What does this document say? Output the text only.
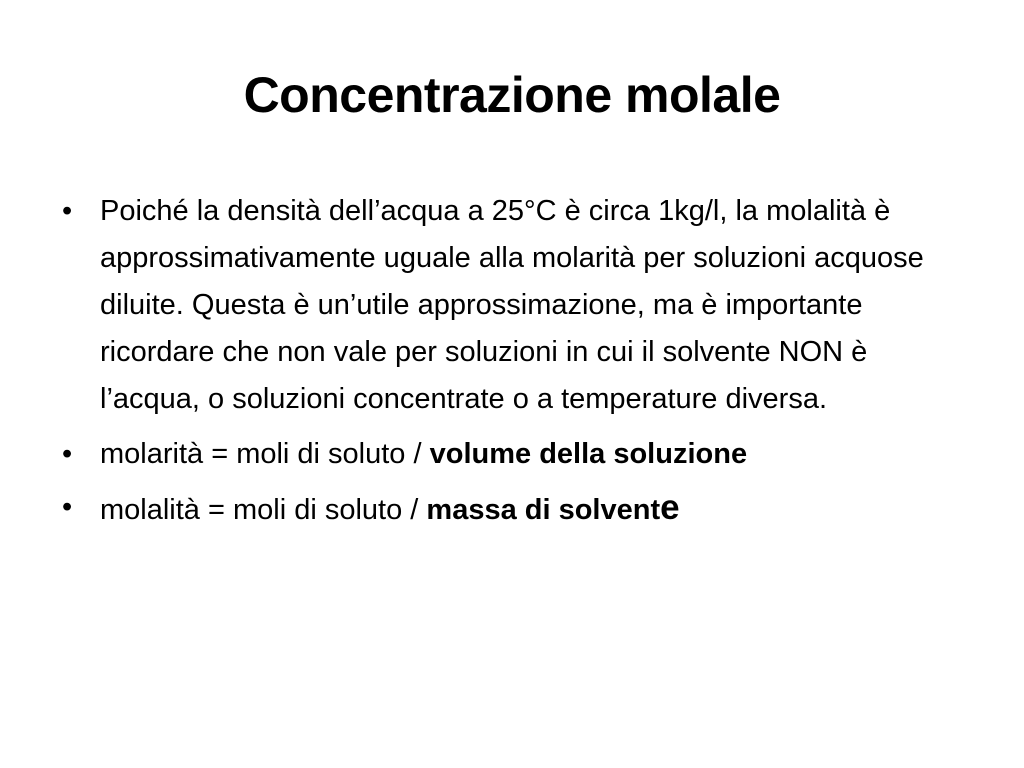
Concentrazione molale
• Poiché la densità dell’acqua a 25°C è circa 1kg/l, la molalità è approssimativamente uguale alla molarità per soluzioni acquose diluite. Questa è un’utile approssimazione, ma è importante ricordare che non vale per soluzioni in cui il solvente NON è l’acqua, o soluzioni concentrate o a temperature diversa.
• molarità = moli di soluto / volume della soluzione
• molalità = moli di soluto / massa di solvente
